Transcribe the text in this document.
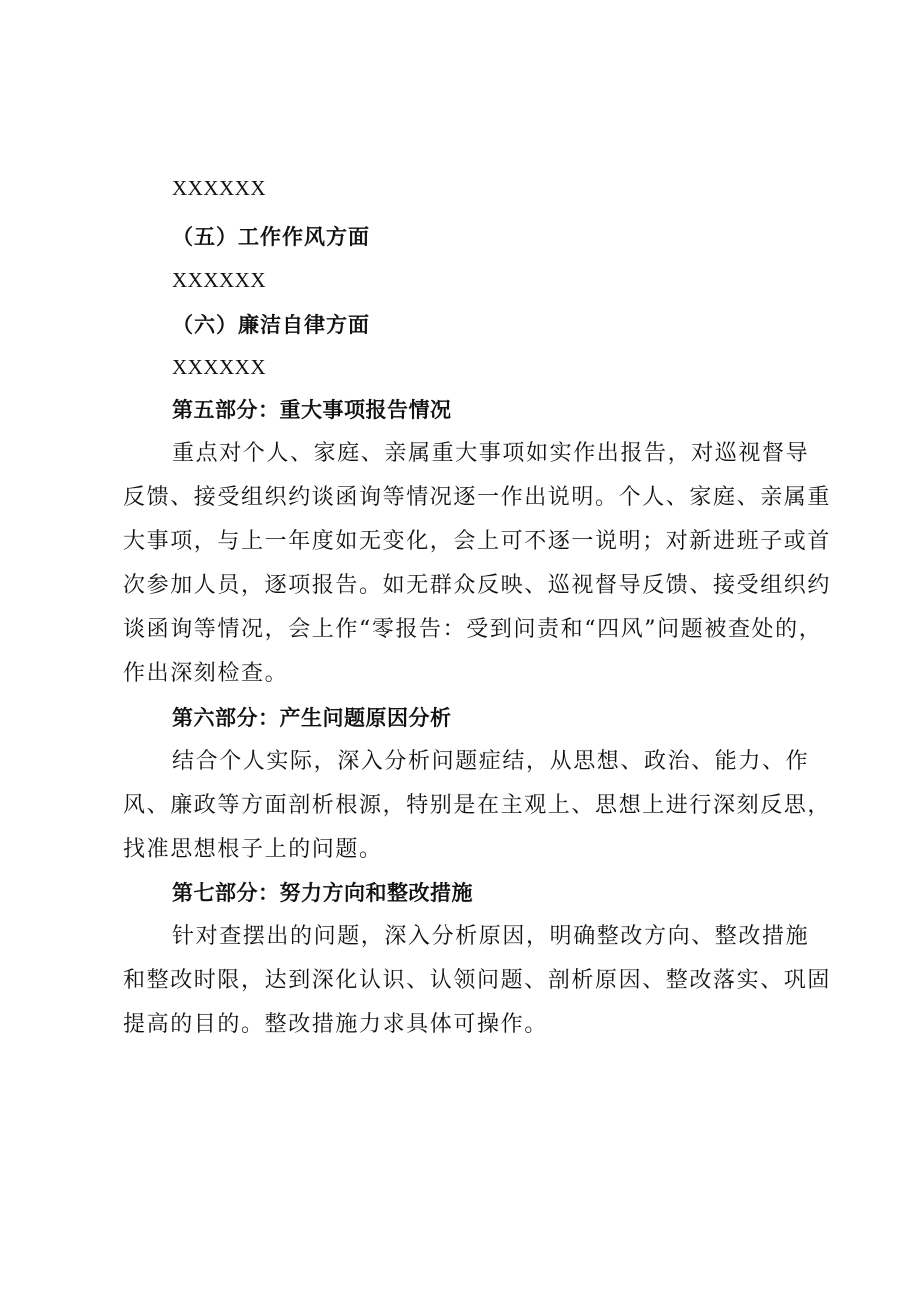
XXXXXX
（五）工作作风方面
XXXXXX
（六）廉洁自律方面
XXXXXX
第五部分：重大事项报告情况
重点对个人、家庭、亲属重大事项如实作出报告，对巡视督导
反馈、接受组织约谈函询等情况逐一作出说明。个人、家庭、亲属重
大事项，与上一年度如无变化，会上可不逐一说明；对新进班子或首
次参加人员，逐项报告。如无群众反映、巡视督导反馈、接受组织约
谈函询等情况，会上作“零报告：受到问责和“四风”问题被查处的，
作出深刻检查。
第六部分：产生问题原因分析
结合个人实际，深入分析问题症结，从思想、政治、能力、作
风、廉政等方面剖析根源，特别是在主观上、思想上进行深刻反思，
找准思想根子上的问题。
第七部分：努力方向和整改措施
针对查摆出的问题，深入分析原因，明确整改方向、整改措施
和整改时限，达到深化认识、认领问题、剖析原因、整改落实、巩固
提高的目的。整改措施力求具体可操作。
